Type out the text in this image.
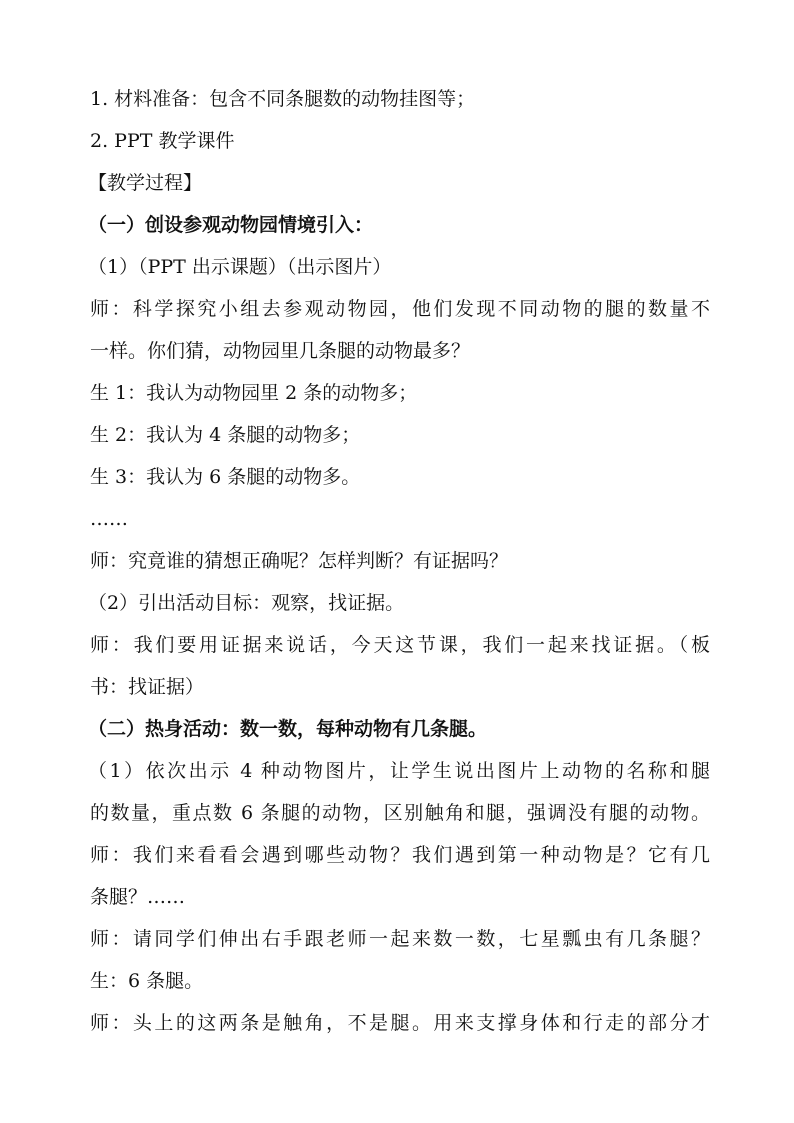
1. 材料准备：包含不同条腿数的动物挂图等；
2. PPT 教学课件
【教学过程】
（一）创设参观动物园情境引入：
（1）（PPT 出示课题）（出示图片）
师：科学探究小组去参观动物园，他们发现不同动物的腿的数量不
一样。你们猜，动物园里几条腿的动物最多？
生 1：我认为动物园里 2 条的动物多；
生 2：我认为 4 条腿的动物多；
生 3：我认为 6 条腿的动物多。
……
师：究竟谁的猜想正确呢？怎样判断？有证据吗？
（2）引出活动目标：观察，找证据。
师：我们要用证据来说话，今天这节课，我们一起来找证据。（板
书：找证据）
（二）热身活动：数一数，每种动物有几条腿。
（1）依次出示 4 种动物图片，让学生说出图片上动物的名称和腿
的数量，重点数 6 条腿的动物，区别触角和腿，强调没有腿的动物。
师：我们来看看会遇到哪些动物？我们遇到第一种动物是？它有几
条腿？……
师：请同学们伸出右手跟老师一起来数一数，七星瓢虫有几条腿？
生：6 条腿。
师：头上的这两条是触角，不是腿。用来支撑身体和行走的部分才
